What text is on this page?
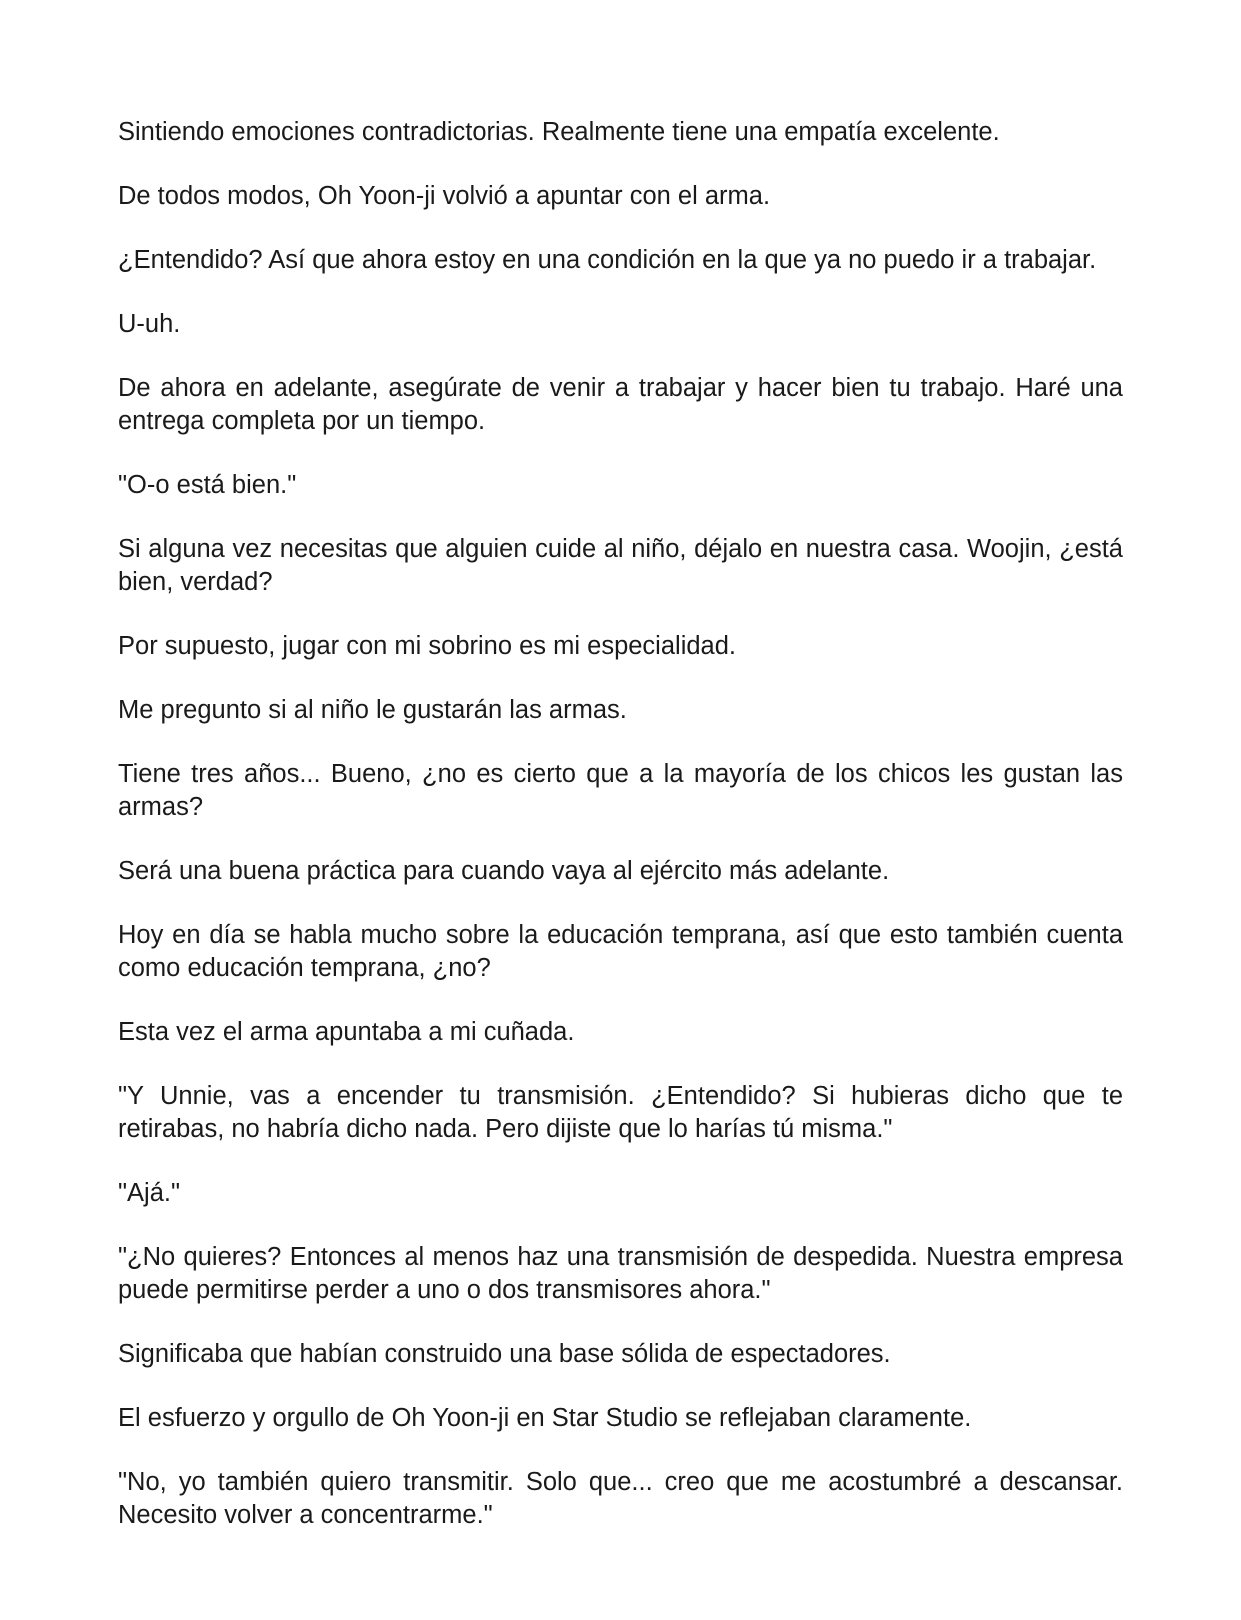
Sintiendo emociones contradictorias. Realmente tiene una empatía excelente.

De todos modos, Oh Yoon-ji volvió a apuntar con el arma.

¿Entendido? Así que ahora estoy en una condición en la que ya no puedo ir a trabajar.

U-uh.

De ahora en adelante, asegúrate de venir a trabajar y hacer bien tu trabajo. Haré una entrega completa por un tiempo.

"O-o está bien."

Si alguna vez necesitas que alguien cuide al niño, déjalo en nuestra casa. Woojin, ¿está bien, verdad?

Por supuesto, jugar con mi sobrino es mi especialidad.

Me pregunto si al niño le gustarán las armas.

Tiene tres años... Bueno, ¿no es cierto que a la mayoría de los chicos les gustan las armas?

Será una buena práctica para cuando vaya al ejército más adelante.

Hoy en día se habla mucho sobre la educación temprana, así que esto también cuenta como educación temprana, ¿no?

Esta vez el arma apuntaba a mi cuñada.

"Y Unnie, vas a encender tu transmisión. ¿Entendido? Si hubieras dicho que te retirabas, no habría dicho nada. Pero dijiste que lo harías tú misma."

"Ajá."

"¿No quieres? Entonces al menos haz una transmisión de despedida. Nuestra empresa puede permitirse perder a uno o dos transmisores ahora."

Significaba que habían construido una base sólida de espectadores.

El esfuerzo y orgullo de Oh Yoon-ji en Star Studio se reflejaban claramente.

"No, yo también quiero transmitir. Solo que... creo que me acostumbré a descansar. Necesito volver a concentrarme."
